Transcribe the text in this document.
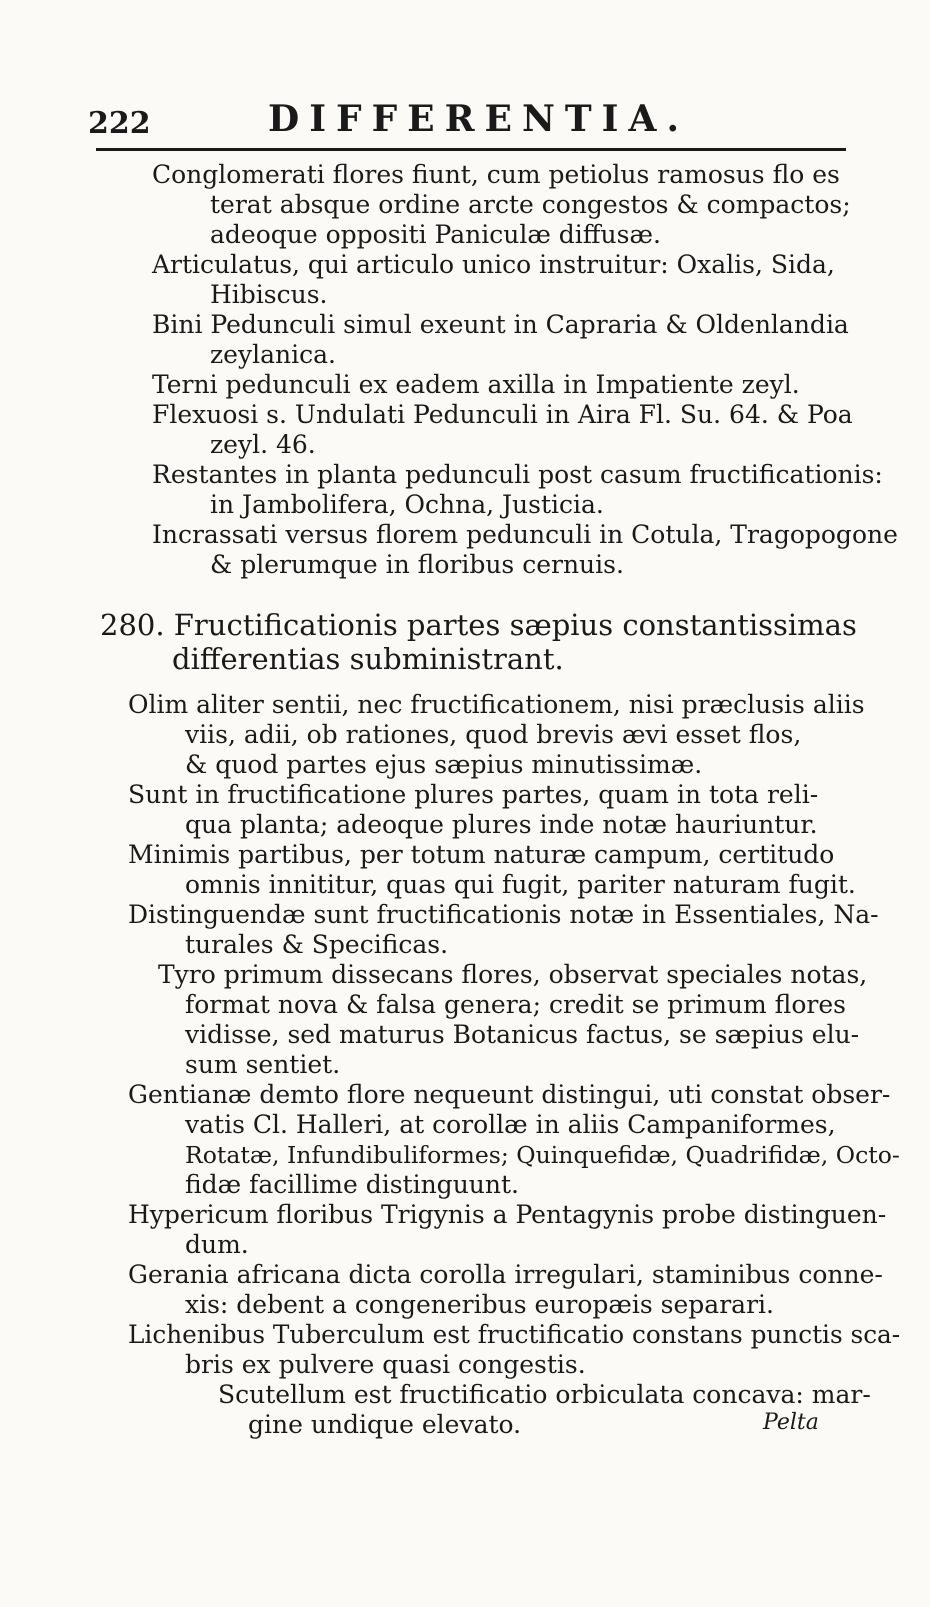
222	DIFFERENTIA.
Conglomerati flores fiunt, cum petiolus ramosus flo es
terat absque ordine arcte congestos & compactos;
adeoque oppositi Paniculæ diffusæ.
Articulatus, qui articulo unico instruitur: Oxalis, Sida,
Hibiscus.
Bini Pedunculi simul exeunt in Capraria & Oldenlandia
zeylanica.
Terni pedunculi ex eadem axilla in Impatiente zeyl.
Flexuosi s. Undulati Pedunculi in Aira Fl. Su. 64. & Poa
zeyl. 46.
Restantes in planta pedunculi post casum fructificationis:
in Jambolifera, Ochna, Justicia.
Incrassati versus florem pedunculi in Cotula, Tragopogone
& plerumque in floribus cernuis.
280. Fructificationis partes sæpius constantissimas
differentias subministrant.
Olim aliter sentii, nec fructificationem, nisi præclusis aliis
viis, adii, ob rationes, quod brevis ævi esset flos,
& quod partes ejus sæpius minutissimæ.
Sunt in fructificatione plures partes, quam in tota reli-
qua planta; adeoque plures inde notæ hauriuntur.
Minimis partibus, per totum naturæ campum, certitudo
omnis innititur, quas qui fugit, pariter naturam fugit.
Distinguendæ sunt fructificationis notæ in Essentiales, Na-
turales & Specificas.
Tyro primum dissecans flores, observat speciales notas,
format nova & falsa genera; credit se primum flores
vidisse, sed maturus Botanicus factus, se sæpius elu-
sum sentiet.
Gentianæ demto flore nequeunt distingui, uti constat obser-
vatis Cl. Halleri, at corollæ in aliis Campaniformes,
Rotatæ, Infundibuliformes; Quinquefidæ, Quadrifidæ, Octo-
fidæ facillime distinguunt.
Hypericum floribus Trigynis a Pentagynis probe distinguen-
dum.
Gerania africana dicta corolla irregulari, staminibus conne-
xis: debent a congeneribus europæis separari.
Lichenibus Tuberculum est fructificatio constans punctis sca-
bris ex pulvere quasi congestis.
Scutellum est fructificatio orbiculata concava: mar-
gine undique elevato.	Pelta
